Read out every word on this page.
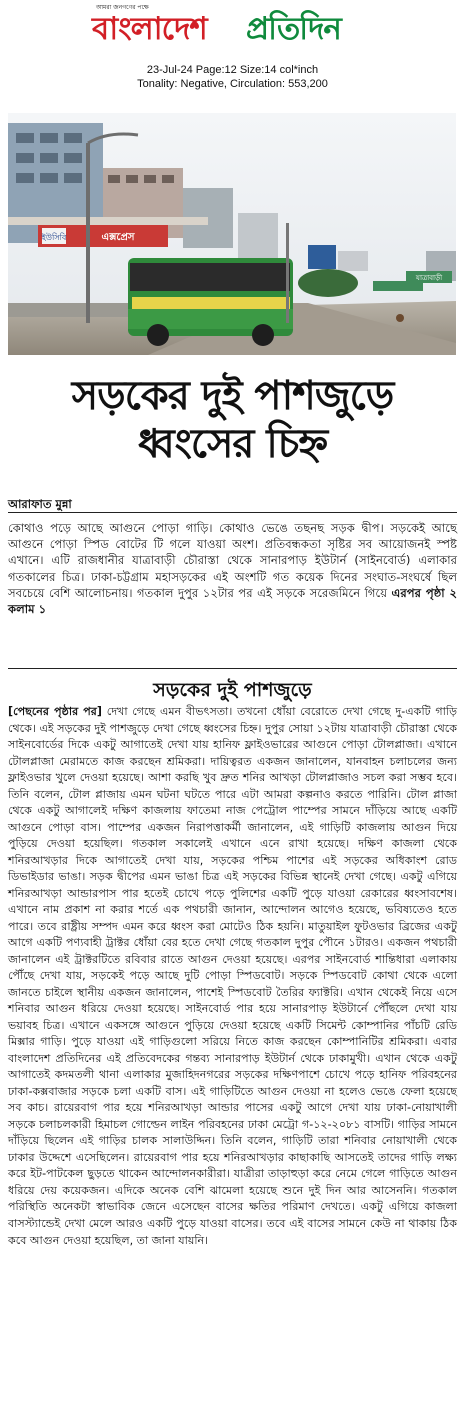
আমরা জনগণের পক্ষে
বাংলাদেশ প্রতিদিন
23-Jul-24 Page:12 Size:14 col*inch
Tonality: Negative, Circulation: 553,200
ইউসিবি	এক্সপ্রেস
যাত্রাবাড়ী
সড়কের দুই পাশজুড়ে
ধ্বংসের চিহ্ন
আরাফাত মুন্না
কোথাও পড়ে আছে আগুনে পোড়া গাড়ি। কোথাও ভেঙে তছনছ সড়ক দ্বীপ। সড়কেই আছে আগুনে পোড়া স্পিড বোটের টি গলে যাওয়া অংশ। প্রতিবন্ধকতা সৃষ্টির সব আয়োজনই স্পষ্ট এখানে। এটি রাজধানীর যাত্রাবাড়ী চৌরাস্তা থেকে সানারপাড় ইউটার্ন (সাইনবোর্ড) এলাকার গতকালের চিত্র। ঢাকা-চট্টগ্রাম মহাসড়কের এই অংশটি গত কয়েক দিনের সংঘাত-সংঘর্ষে ছিল সবচেয়ে বেশি আলোচনায়। গতকাল দুপুর ১২টার পর এই সড়কে সরেজমিনে গিয়ে এরপর পৃষ্ঠা ২ কলাম ১
সড়কের দুই পাশজুড়ে
[পেছনের পৃষ্ঠার পর] দেখা গেছে এমন বীভৎসতা। তখনো ধোঁয়া বেরোতে দেখা গেছে দু-একটি গাড়ি থেকে। এই সড়কের দুই পাশজুড়ে দেখা গেছে ধ্বংসের চিহ্ন। দুপুর সোয়া ১২টায় যাত্রাবাড়ী চৌরাস্তা থেকে সাইনবোর্ডের দিকে একটু আগাতেই দেখা যায় হানিফ ফ্লাইওভারের আগুনে পোড়া টোলপ্লাজা। এখানে টোলপ্লাজা মেরামতে কাজ করছেন শ্রমিকরা। দায়িত্বরত একজন জানালেন, যানবাহন চলাচলের জন্য ফ্লাইওভার খুলে দেওয়া হয়েছে। আশা করছি খুব দ্রুত শনির আখড়া টোলপ্লাজাও সচল করা সম্ভব হবে। তিনি বলেন, টোল প্লাজায় এমন ঘটনা ঘটতে পারে এটা আমরা কল্পনাও করতে পারিনি। টোল প্লাজা থেকে একটু আগালেই দক্ষিণ কাজলায় ফাতেমা নাজ পেট্রোল পাম্পের সামনে দাঁড়িয়ে আছে একটি আগুনে পোড়া বাস। পাম্পের একজন নিরাপত্তাকর্মী জানালেন, এই গাড়িটি কাজলায় আগুন দিয়ে পুড়িয়ে দেওয়া হয়েছিল। গতকাল সকালেই এখানে এনে রাখা হয়েছে। দক্ষিণ কাজলা থেকে শনিরআখড়ার দিকে আগাতেই দেখা যায়, সড়কের পশ্চিম পাশের এই সড়কের অধিকাংশ রোড ডিভাইডার ভাঙা। সড়ক দ্বীপের এমন ভাঙা চিত্র এই সড়কের বিভিন্ন স্থানেই দেখা গেছে। একটু এগিয়ে শনিরআখড়া আন্ডারপাস পার হতেই চোখে পড়ে পুলিশের একটি পুড়ে যাওয়া রেকারের ধ্বংসাবশেষ। এখানে নাম প্রকাশ না করার শর্তে এক পথচারী জানান, আন্দোলন আগেও হয়েছে, ভবিষ্যতেও হতে পারে। তবে রাষ্ট্রীয় সম্পদ এমন করে ধ্বংস করা মোটেও ঠিক হয়নি। মাতুয়াইল ফুটওভার ব্রিজের একটু আগে একটি পণ্যবাহী ট্রাক্টর ধোঁয়া বের হতে দেখা গেছে গতকাল দুপুর পৌনে ১টারও। একজন পথচারী জানালেন এই ট্রাক্টরটিতে রবিবার রাতে আগুন দেওয়া হয়েছে। এরপর সাইনবোর্ড শান্তিধারা এলাকায় পৌঁছে দেখা যায়, সড়কেই পড়ে আছে দুটি পোড়া স্পিডবোট। সড়কে স্পিডবোট কোথা থেকে এলো জানতে চাইলে স্থানীয় একজন জানালেন, পাশেই স্পিডবোট তৈরির ফ্যাক্টরি। এখান থেকেই নিয়ে এসে শনিবার আগুন ধরিয়ে দেওয়া হয়েছে। সাইনবোর্ড পার হয়ে সানারপাড় ইউটার্নে পৌঁছলে দেখা যায় ভয়াবহ চিত্র। এখানে একসঙ্গে আগুনে পুড়িয়ে দেওয়া হয়েছে একটি সিমেন্ট কোম্পানির পাঁচটি রেডি মিক্সার গাড়ি। পুড়ে যাওয়া এই গাড়িগুলো সরিয়ে নিতে কাজ করছেন কোম্পানিটির শ্রমিকরা। এবার বাংলাদেশ প্রতিদিনের এই প্রতিবেদকের গন্তব্য সানারপাড় ইউটার্ন থেকে ঢাকামুখী। এখান থেকে একটু আগাতেই কদমতলী থানা এলাকার মুজাহিদনগরের সড়কের দক্ষিণপাশে চোখে পড়ে হানিফ পরিবহনের ঢাকা-কক্সবাজার সড়কে চলা একটি বাস। এই গাড়িটিতে আগুন দেওয়া না হলেও ভেঙে ফেলা হয়েছে সব কাচ। রায়েরবাগ পার হয়ে শনিরআখড়া আন্ডার পাসের একটু আগে দেখা যায় ঢাকা-নোয়াখালী সড়কে চলাচলকারী হিমাচল গোল্ডেন লাইন পরিবহনের ঢাকা মেট্রো গ-১২-২০৮১ বাসটি। গাড়ির সামনে দাঁড়িয়ে ছিলেন এই গাড়ির চালক সালাউদ্দিন। তিনি বলেন, গাড়িটি তারা শনিবার নোয়াখালী থেকে ঢাকার উদ্দেশে এসেছিলেন। রায়েরবাগ পার হয়ে শনিরআখড়ার কাছাকাছি আসতেই তাদের গাড়ি লক্ষ্য করে ইট-পাটকেল ছুড়তে থাকেন আন্দোলনকারীরা। যাত্রীরা তাড়াহুড়া করে নেমে গেলে গাড়িতে আগুন ধরিয়ে দেয় কয়েকজন। এদিকে অনেক বেশি ঝামেলা হয়েছে শুনে দুই দিন আর আসেননি। গতকাল পরিস্থিতি অনেকটা স্বাভাবিক জেনে এসেছেন বাসের ক্ষতির পরিমাণ দেখতে। একটু এগিয়ে কাজলা বাসস্ট্যান্ডেই দেখা মেলে আরও একটি পুড়ে যাওয়া বাসের। তবে এই বাসের সামনে কেউ না থাকায় ঠিক কবে আগুন দেওয়া হয়েছিল, তা জানা যায়নি।
